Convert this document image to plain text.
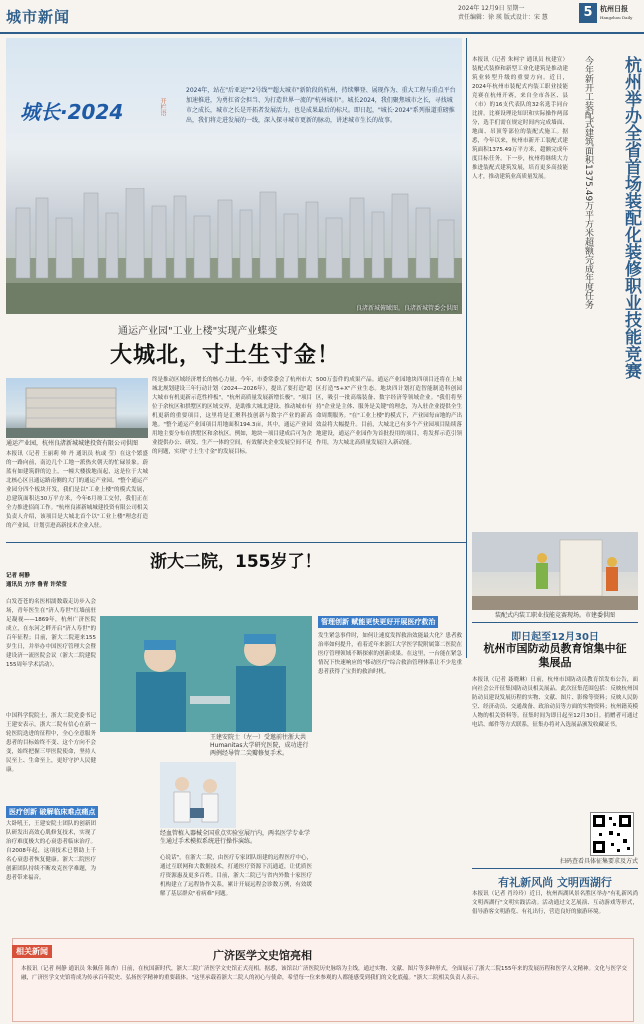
城市新闻	2024年 12月9日 星期一
责任编辑：徐 瑛 版式设计：宋 慧	5	杭州日报
Hangzhou Daily
城长·2024	开栏语
2024年，站在"后亚运""2号线""超大城市"新阶段的杭州，持续攀登、展现作为、重大工程与重点平台加速推进，为勇扛省会担当、为打造世界一流的"杭州城市"。城长2024，我们聚焦城市之长，寻找城市之成长，城市之长是开拓者发展活力，也是成果最后的标尺。即日起，"城长·2024"系列报道重磅推出，我们将走进发展的一线，深入探寻城市更新的脉动，讲述城市生长的故事。
良渚新城俯瞰图。良渚新城管委会供图
通运产业园"工业上楼"实现产业蝶变
大城北，寸土生寸金！
通运产业园，杭州良渚新城城建投资有限公司供图
本报讯（记者 王丽莉 帅 丹 通讯员 杭或 莹）在这个繁盛的一路向前，南边几个工地一派热火朝天的忙碌景象。蔚蓝有如建筑群的边上，一幢大楼拔地而起，这是位于大城北核心区且通运路南侧的大门的通运产业园。"整个通运产业园分四个板块开发，我们是以"工业上楼"的模式发展，总建筑面积达30万平方米，今年6月竣工交付，我们正在全力推进招商工作。"杭州良渚新城城建投资有限公司相关负责人介绍，该项目是大城北首个以"工业上楼"理念打造的产业园，计划引进高新技术企业入驻。
终是推动区域经济增长的核心力量。今年，市委常委会了杭州市大城北规划建设三年行动计划（2024—2026年），提出了要打造"超大城市有机更新示范性样板"，"杭州高质量发展新增长极"。"项目位于余杭区和拱墅区的区域交界，是助推大城北建设、推动城市有机更新的重要项目，这里将是汇聚科技创新与数字产业的新高地。"整个通运产业园项目用地面积194.3亩，其中，通运产业园用地主要分布在拱墅区和余杭区。例如，地块一项目建成后可为企业提供办公、研发、生产一体的空间，有效解决企业发展空间不足的问题，实现"寸土生寸金"的发展目标。
500万套件的成果产品。通运产业园地块四项目还将在上城区打造"5+X"产业生态。地块四计划打造智能制造科创园区，吸引一批高端装备、数字经济等领域企业。"我们将坚持"企业是主体、服务是关键"的理念，为入驻企业提供全生命周期服务。"在"工业上楼"的模式下，产业园每亩地的产出效益将大幅提升。目前，大城北已有多个产业园项目陆续落地建设，通运产业园作为首批投用的项目，将发挥示范引领作用，为大城北高质量发展注入新动能。
杭州举办全省首场装配化装修职业技能竞赛
今年新开工装配式建筑面积1375.49万平方米超额完成年度任务
本报讯（记者 朱柯宇 通讯员 杭建宣）装配式装修和新型工业化建筑是推动建筑业转型升级的重要方向。近日，2024年杭州市装配式内装工职业技能竞赛在杭州开赛，来自全市各区、县（市）的16支代表队的32名选手同台比拼。比赛设理论知识和实际操作两部分，选手们需在规定时间内完成墙面、地面、吊顶等部位的装配式施工。据悉，今年以来，杭州市新开工装配式建筑面积1375.49万平方米，超额完成年度目标任务。下一步，杭州将继续大力推进装配式建筑发展，培育更多高技能人才，推动建筑业高质量发展。
装配式内装工职业技能竞赛现场。市建委供图
即日起至12月30日
杭州市国防动员教育馆集中征集展品
本报讯（记者 聂晓琳）日前，杭州市国防动员教育馆发布公告，面向社会公开征集国防动员相关展品。此次征集范围包括：反映杭州国防动员建设发展历程的实物、文献、图片、影像等资料；反映人民防空、经济动员、交通战备、政治动员等方面的实物资料；杭州籍英模人物的相关资料等。征集时间为即日起至12月30日。捐赠者可通过电话、邮件等方式联系，征集办将对入选展品颁发收藏证书。
扫码查看具体征集要求及方式
有礼新风尚 文明西湖行
本报讯（记者 肖玲玲）近日，杭州西湖风景名胜区举办"有礼新风尚 文明西湖行"文明实践活动。活动通过文艺展演、互动游戏等形式，倡导游客文明游览、有礼出行，营造良好的旅游环境。
浙大二院，155岁了！
记者 柯静
通讯员 方序 鲁青 许荣莹
白发苍苍的名医相濡数载走访步入会场，青年医生在"济人寿世"红墙前驻足凝视——1869年，杭州广济医院成立，在东河之畔开启"济人寿世"的百年征程；目前，浙大二院迎来155岁生日，并举办中国医疗管理大会暨建设济一流医院会议（浙大二院建院155周年学术活动）。
中国科学院院士，浙大二院党委书记王建安表示，浙大二院有信心在新一轮医院迭进的征程中，全心全意服务患者的目标始终不变、这个方向不会变，始终把握三甲医院使命，坚持人民至上、生命至上，更好守护人民健康。
医疗创新 破解临床难点痛点
大卧吼王，王建安院士团队的创新团队研发出高效心肌修复技术，实现了治疗难度极大的心衰患者临床治疗。自2008年起，这项技术已帮助上千名心衰患者恢复健康。浙大二院医疗创新团队持续不断攻克医学难题，为患者带来福音。
王建安院士（左一）受邀前往浙大共Humanitas大学研究医院，成功进行两例经导管二尖瓣修复手术。
经血管植入器械全国重点实验室展厅内，两名医学专业学生通过手术模拟系统进行操作演练。
管理创新 赋能更快更好开展医疗救治
发生紧急事件时，如何让速度发挥救治效能最大化？患者救治率如何提升，看着近年来浙江大学医学院附属第二医院在医疗管理领域不断探索的创新成果。在这里，一台能在紧急情况下快速响应的"移动医疗"综合救治管理体系让不少危重患者获得了宝贵的救治时机。
心说话"，在浙大二院，由医疗专家团队组建的远程医疗中心，通过互联网和大数据技术，打通医疗资源下沉通道，让优质医疗资源惠及更多百姓。目前，浙大二院已与省内外数十家医疗机构建立了远程协作关系，累计开展远程会诊数万例，有效缓解了基层群众"看病难"问题。
相关新闻	广济医学文史馆亮相
本报讯（记者 柯静 通讯员 朱佩佳 陈杏）日前，在杭国新时代，浙大二院广济医学文史馆正式亮相。据悉，该馆以广济医院历史脉络为主线，通过实物、文献、图片等多种形式，全面展示了浙大二院155年来的发展历程和医学人文精神。文化与医学交融，广济医学文史馆将成为传承百年院史、弘扬医学精神的重要载体。"这里承载着浙大二院人的初心与使命，希望每一位来参观的人都能感受到我们的文化底蕴。"浙大二院相关负责人表示。
